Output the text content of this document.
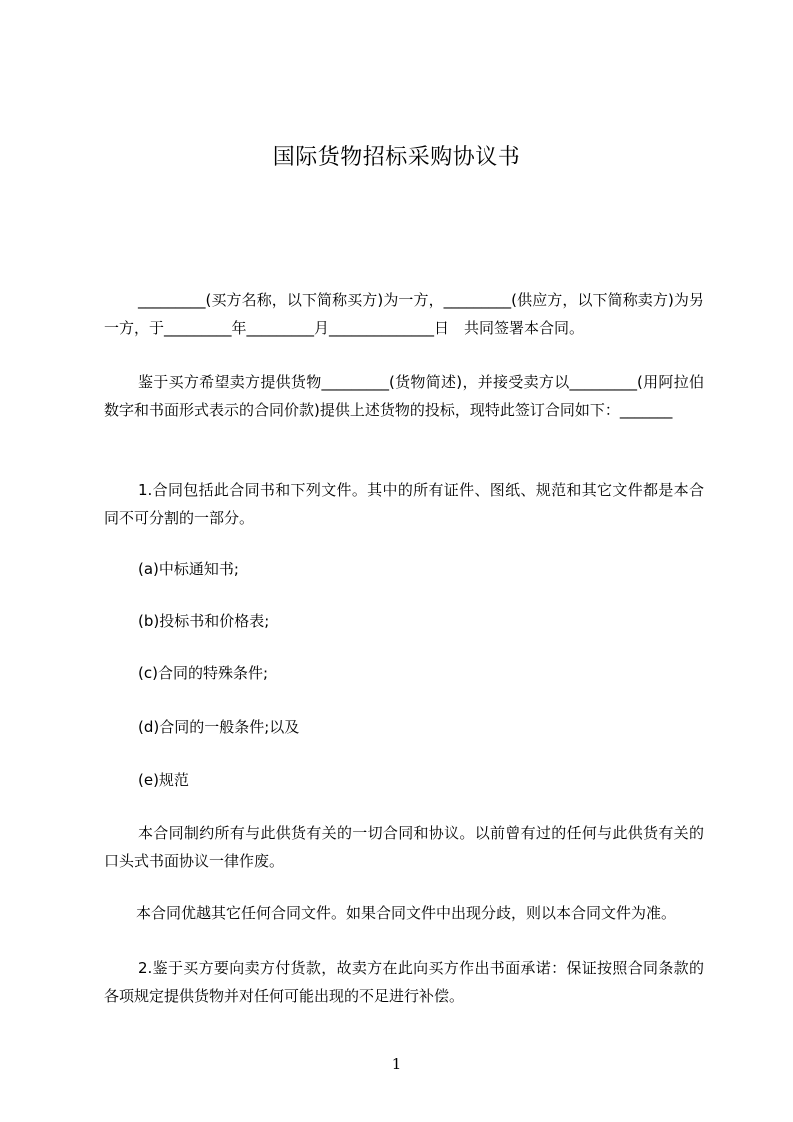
国际货物招标采购协议书

_________(买方名称，以下简称买方)为一方，_________(供应方，以下简称卖方)为另一方，于_________年_________月______________日　共同签署本合同。

鉴于买方希望卖方提供货物_________(货物简述)，并接受卖方以_________(用阿拉伯数字和书面形式表示的合同价款)提供上述货物的投标，现特此签订合同如下：_______

1.合同包括此合同书和下列文件。其中的所有证件、图纸、规范和其它文件都是本合同不可分割的一部分。

(a)中标通知书;

(b)投标书和价格表;

(c)合同的特殊条件;

(d)合同的一般条件;以及

(e)规范

本合同制约所有与此供货有关的一切合同和协议。以前曾有过的任何与此供货有关的口头式书面协议一律作废。

本合同优越其它任何合同文件。如果合同文件中出现分歧，则以本合同文件为准。

2.鉴于买方要向卖方付货款，故卖方在此向买方作出书面承诺：保证按照合同条款的各项规定提供货物并对任何可能出现的不足进行补偿。

1
